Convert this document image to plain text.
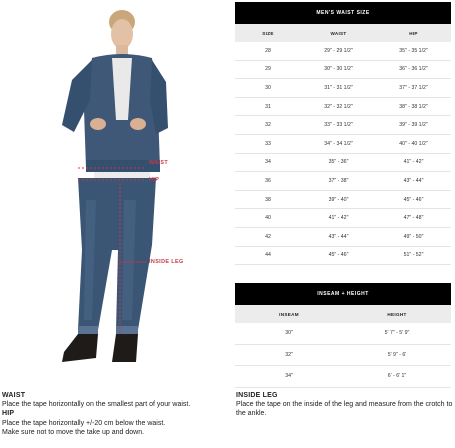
WAIST
HIP
INSIDE LEG
MEN'S WAIST SIZE		
SIZE	WAIST	HIP
28	29" - 29 1/2"	35" - 35 1/2"
29	30" - 30 1/2"	36" - 36 1/2"
30	31" - 31 1/2"	37" - 37 1/2"
31	32" - 32 1/2"	38" - 38 1/2"
32	33" - 33 1/2"	39" - 39 1/2"
33	34" - 34 1/2"	40" - 40 1/2"
34	35" - 36"	41" - 42"
36	37" - 38"	43" - 44"
38	39" - 40"	45" - 46"
40	41" - 42"	47" - 48"
42	43" - 44"	49" - 50"
44	45" - 46"	51" - 52"
INSEAM + HEIGHT	
INSEAM	HEIGHT
30"	5' 7" - 5' 9"
32"	5' 9" - 6'
34"	6' - 6' 1"
WAIST
Place the tape horizontally on the smallest part of your waist.
HIP
Place the tape horizontally +/-20 cm below the waist.
Make sure not to move the take up and down.
INSIDE LEG
Place the tape on the inside of the leg and measure from the crotch to the ankle.
